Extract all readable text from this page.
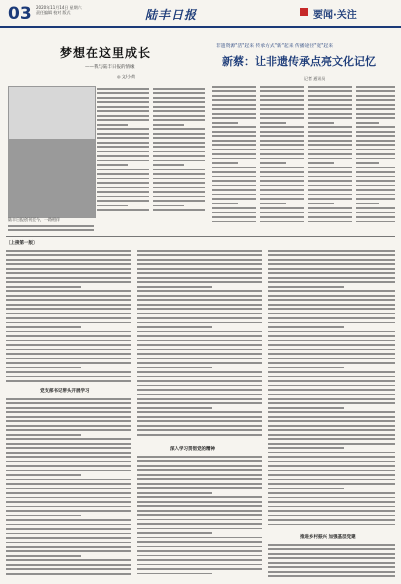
03 2020年11月14日 星期六
责任编辑 校对 版式	陆丰日报	要闻·关注
梦想在这里成长
——我与陆丰日报的情缘
◎ 文/小荷
陆丰日报创刊至今，一路相伴
非遗资源"活"起来 传承方式"新"起来 传播途径"宽"起来
新蔡：让非遗传承点亮文化记忆
记者 通讯员
〔上接第一版〕
党支部书记带头开展学习
深入学习贯彻党的精神
推进乡村振兴 加强基层党建
